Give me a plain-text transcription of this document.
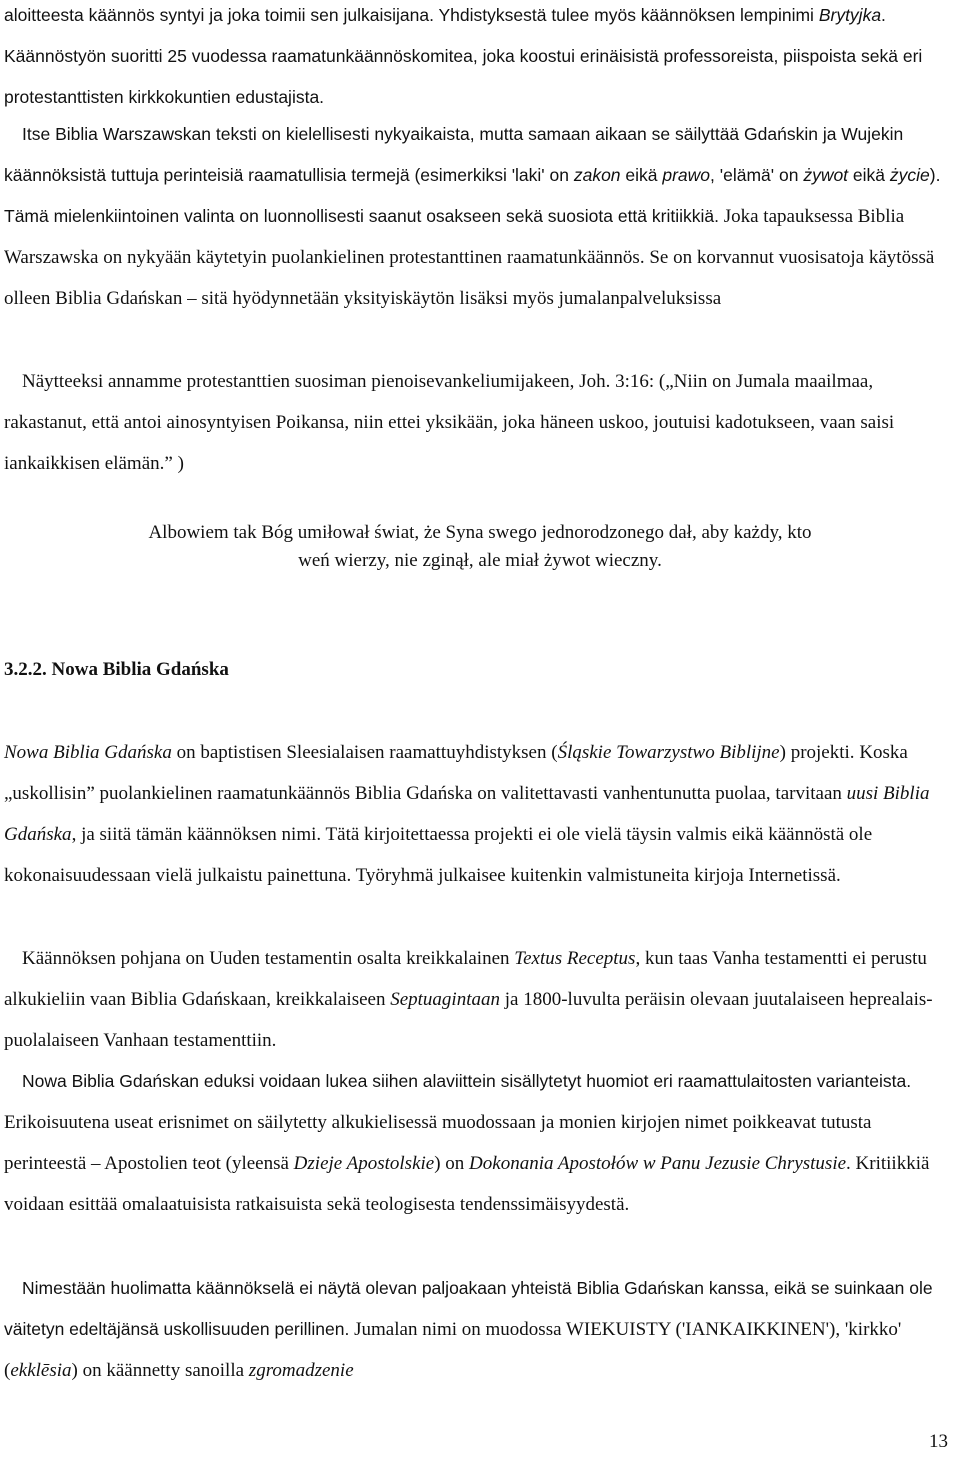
aloitteesta käännös syntyi ja joka toimii sen julkaisijana. Yhdistyksestä tulee myös käännöksen lempinimi Brytyjka. Käännöstyön suoritti 25 vuodessa raamatunkäännöskomitea, joka koostui erinäisistä professoreista, piispoista sekä eri protestanttisten kirkkokuntien edustajista.

Itse Biblia Warszawskan teksti on kielellisesti nykyaikaista, mutta samaan aikaan se säilyttää Gdańskin ja Wujekin käännöksistä tuttuja perinteisiä raamatullisia termejä (esimerkiksi 'laki' on zakon eikä prawo, 'elämä' on żywot eikä życie). Tämä mielenkiintoinen valinta on luonnollisesti saanut osakseen sekä suosiota että kritiikkiä. Joka tapauksessa Biblia Warszawska on nykyään käytetyin puolankielinen protestanttinen raamatunkäännös. Se on korvannut vuosisatoja käytössä olleen Biblia Gdańskan – sitä hyödynnetään yksityiskäytön lisäksi myös jumalanpalveluksissa

Näytteeksi annamme protestanttien suosiman pienoisevankeliumijakeen, Joh. 3:16: („Niin on Jumala maailmaa, rakastanut, että antoi ainosyntyisen Poikansa, niin ettei yksikään, joka häneen uskoo, joutuisi kadotukseen, vaan saisi iankaikkisen elämän.” )

Albowiem tak Bóg umiłował świat, że Syna swego jednorodzonego dał, aby każdy, kto
weń wierzy, nie zginął, ale miał żywot wieczny.

3.2.2. Nowa Biblia Gdańska

Nowa Biblia Gdańska on baptistisen Sleesialaisen raamattuyhdistyksen (Śląskie Towarzystwo Biblijne) projekti. Koska „uskollisin” puolankielinen raamatunkäännös Biblia Gdańska on valitettavasti vanhentunutta puolaa, tarvitaan uusi Biblia Gdańska, ja siitä tämän käännöksen nimi. Tätä kirjoitettaessa projekti ei ole vielä täysin valmis eikä käännöstä ole kokonaisuudessaan vielä julkaistu painettuna. Työryhmä julkaisee kuitenkin valmistuneita kirjoja Internetissä.

Käännöksen pohjana on Uuden testamentin osalta kreikkalainen Textus Receptus, kun taas Vanha testamentti ei perustu alkukieliin vaan Biblia Gdańskaan, kreikkalaiseen Septuagintaan ja 1800-luvulta peräisin olevaan juutalaiseen heprealais-puolalaiseen Vanhaan testamenttiin.

Nowa Biblia Gdańskan eduksi voidaan lukea siihen alaviittein sisällytetyt huomiot eri raamattulaitosten varianteista. Erikoisuutena useat erisnimet on säilytetty alkukielisessä muodossaan ja monien kirjojen nimet poikkeavat tutusta perinteestä – Apostolien teot (yleensä Dzieje Apostolskie) on Dokonania Apostołów w Panu Jezusie Chrystusie. Kritiikkiä voidaan esittää omalaatuisista ratkaisuista sekä teologisesta tendenssimäisyydestä.

Nimestään huolimatta käännökselä ei näytä olevan paljoakaan yhteistä Biblia Gdańskan kanssa, eikä se suinkaan ole väitetyn edeltäjänsä uskollisuuden perillinen. Jumalan nimi on muodossa WIEKUISTY ('IANKAIKKINEN'), 'kirkko' (ekklēsia) on käännetty sanoilla zgromadzenie

13
